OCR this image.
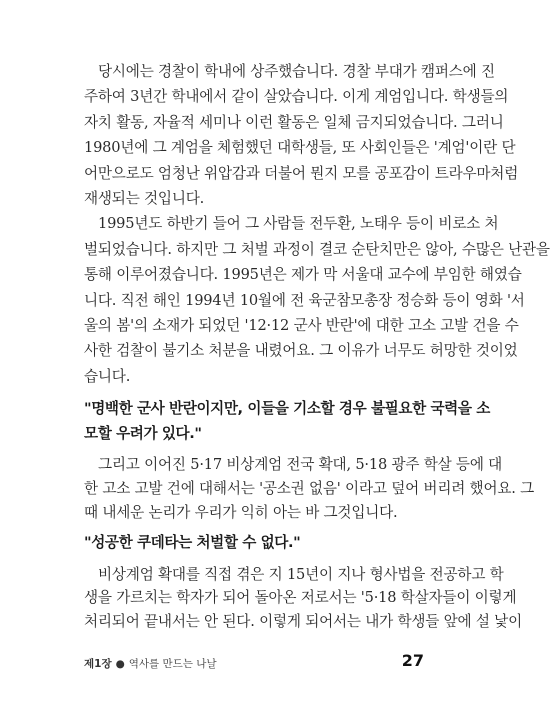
당시에는 경찰이 학내에 상주했습니다. 경찰 부대가 캠퍼스에 진
주하여 3년간 학내에서 같이 살았습니다. 이게 계엄입니다. 학생들의
자치 활동, 자율적 세미나 이런 활동은 일체 금지되었습니다. 그러니
1980년에 그 계엄을 체험했던 대학생들, 또 사회인들은 '계엄'이란 단
어만으로도 엄청난 위압감과 더불어 뭔지 모를 공포감이 트라우마처럼
재생되는 것입니다.
1995년도 하반기 들어 그 사람들 전두환, 노태우 등이 비로소 처
벌되었습니다. 하지만 그 처벌 과정이 결코 순탄치만은 않아, 수많은 난관을
통해 이루어졌습니다. 1995년은 제가 막 서울대 교수에 부임한 해였습
니다. 직전 해인 1994년 10월에 전 육군참모총장 정승화 등이 영화 '서
울의 봄'의 소재가 되었던 '12·12 군사 반란'에 대한 고소 고발 건을 수
사한 검찰이 불기소 처분을 내렸어요. 그 이유가 너무도 허망한 것이었
습니다.
"명백한 군사 반란이지만, 이들을 기소할 경우 불필요한 국력을 소
모할 우려가 있다."
그리고 이어진 5·17 비상계엄 전국 확대, 5·18 광주 학살 등에 대
한 고소 고발 건에 대해서는 '공소권 없음' 이라고 덮어 버리려 했어요. 그
때 내세운 논리가 우리가 익히 아는 바 그것입니다.
"성공한 쿠데타는 처벌할 수 없다."
비상계엄 확대를 직접 겪은 지 15년이 지나 형사법을 전공하고 학
생을 가르치는 학자가 되어 돌아온 저로서는 '5·18 학살자들이 이렇게
처리되어 끝내서는 안 된다. 이렇게 되어서는 내가 학생들 앞에 설 낯이
제1장 ● 역사를 만드는 나날	27
